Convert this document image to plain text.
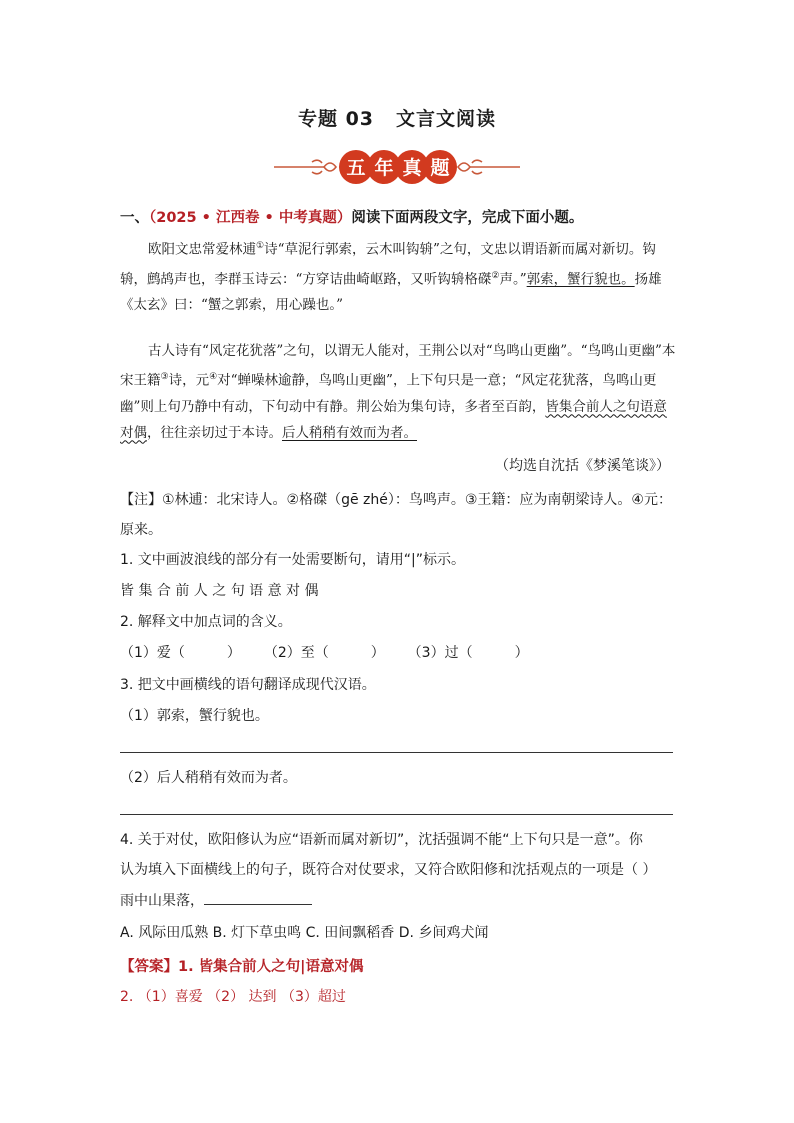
专题 03 文言文阅读
五 年 真 题
一、（2025 • 江西卷 • 中考真题）阅读下面两段文字，完成下面小题。
欧阳文忠常爱林逋①诗“草泥行郭索，云木叫钩辀”之句，文忠以谓语新而属对新切。钩辀，鹧鸪声也，李群玉诗云：“方穿诘曲崎岖路，又听钩辀格磔②声。”郭索，蟹行貌也。扬雄《太玄》曰：“蟹之郭索，用心躁也。”
古人诗有“风定花犹落”之句，以谓无人能对，王荆公以对“鸟鸣山更幽”。“鸟鸣山更幽”本宋王籍③诗，元④对“蝉噪林逾静，鸟鸣山更幽”，上下句只是一意；“风定花犹落，鸟鸣山更幽”则上句乃静中有动，下句动中有静。荆公始为集句诗，多者至百韵，皆集合前人之句语意对偶，往往亲切过于本诗。后人稍稍有效而为者。
（均选自沈括《梦溪笔谈》）
【注】①林逋：北宋诗人。②格磔（gē zhé）：鸟鸣声。③王籍：应为南朝梁诗人。④元：
原来。
1. 文中画波浪线的部分有一处需要断句，请用“|”标示。
皆 集 合 前 人 之 句 语 意 对 偶
2. 解释文中加点词的含义。
（1）爱（	） （2）至（	） （3）过（	）
3. 把文中画横线的语句翻译成现代汉语。
（1）郭索，蟹行貌也。
（2）后人稍稍有效而为者。
4. 关于对仗，欧阳修认为应“语新而属对新切”，沈括强调不能“上下句只是一意”。你
认为填入下面横线上的句子，既符合对仗要求，又符合欧阳修和沈括观点的一项是（ ）
雨中山果落，
A. 风际田瓜熟 B. 灯下草虫鸣 C. 田间飘稻香 D. 乡间鸡犬闻
【答案】1. 皆集合前人之句|语意对偶
2. （1）喜爱 （2） 达到 （3）超过
